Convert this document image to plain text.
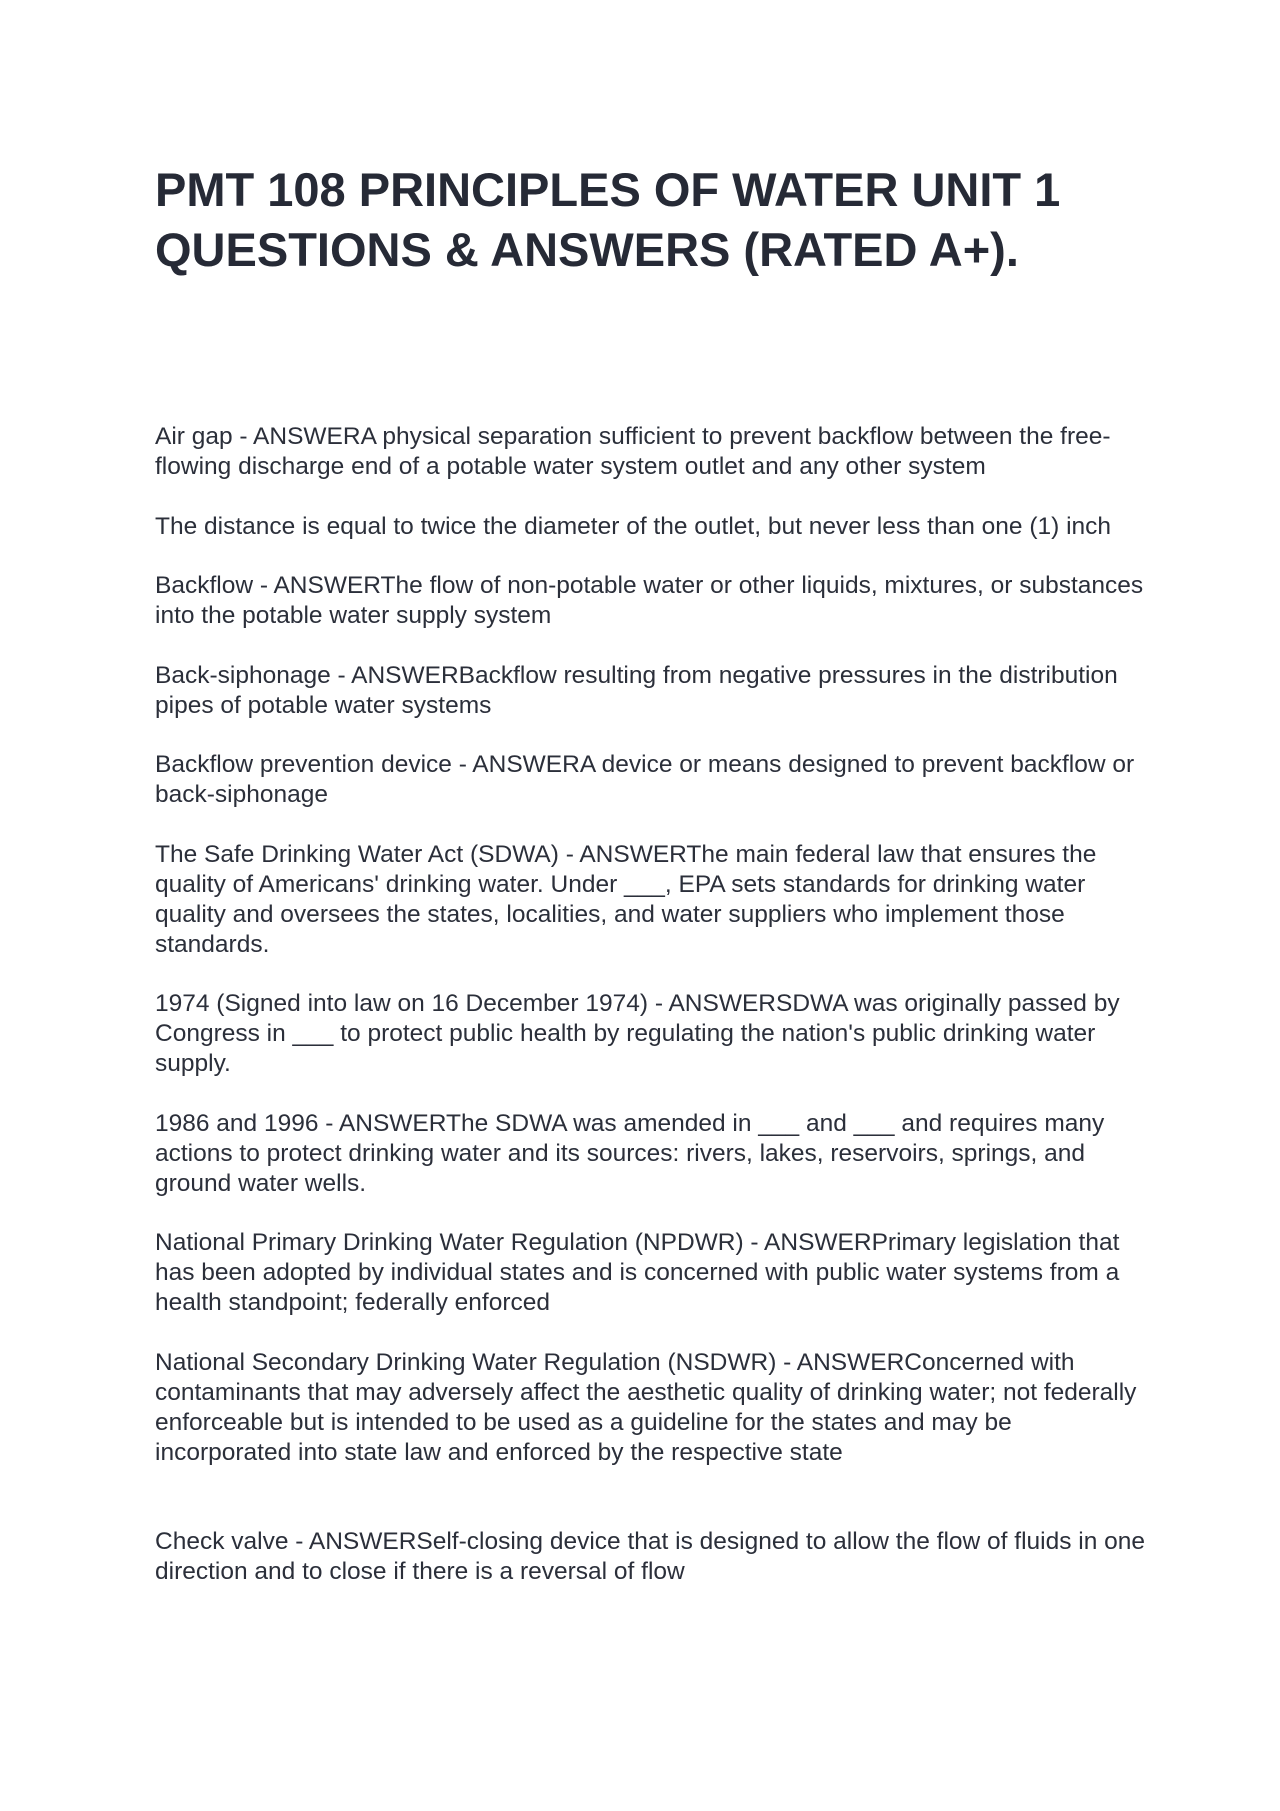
PMT 108 PRINCIPLES OF WATER UNIT 1 QUESTIONS & ANSWERS (RATED A+).

Air gap - ANSWERA physical separation sufficient to prevent backflow between the free-flowing discharge end of a potable water system outlet and any other system

The distance is equal to twice the diameter of the outlet, but never less than one (1) inch

Backflow - ANSWERThe flow of non-potable water or other liquids, mixtures, or substances into the potable water supply system

Back-siphonage - ANSWERBackflow resulting from negative pressures in the distribution pipes of potable water systems

Backflow prevention device - ANSWERA device or means designed to prevent backflow or back-siphonage

The Safe Drinking Water Act (SDWA) - ANSWERThe main federal law that ensures the quality of Americans' drinking water. Under ___, EPA sets standards for drinking water quality and oversees the states, localities, and water suppliers who implement those standards.

1974 (Signed into law on 16 December 1974) - ANSWERSDWA was originally passed by Congress in ___ to protect public health by regulating the nation's public drinking water supply.

1986 and 1996 - ANSWERThe SDWA was amended in ___ and ___ and requires many actions to protect drinking water and its sources: rivers, lakes, reservoirs, springs, and ground water wells.

National Primary Drinking Water Regulation (NPDWR) - ANSWERPrimary legislation that has been adopted by individual states and is concerned with public water systems from a health standpoint; federally enforced

National Secondary Drinking Water Regulation (NSDWR) - ANSWERConcerned with contaminants that may adversely affect the aesthetic quality of drinking water; not federally enforceable but is intended to be used as a guideline for the states and may be incorporated into state law and enforced by the respective state

Check valve - ANSWERSelf-closing device that is designed to allow the flow of fluids in one direction and to close if there is a reversal of flow
